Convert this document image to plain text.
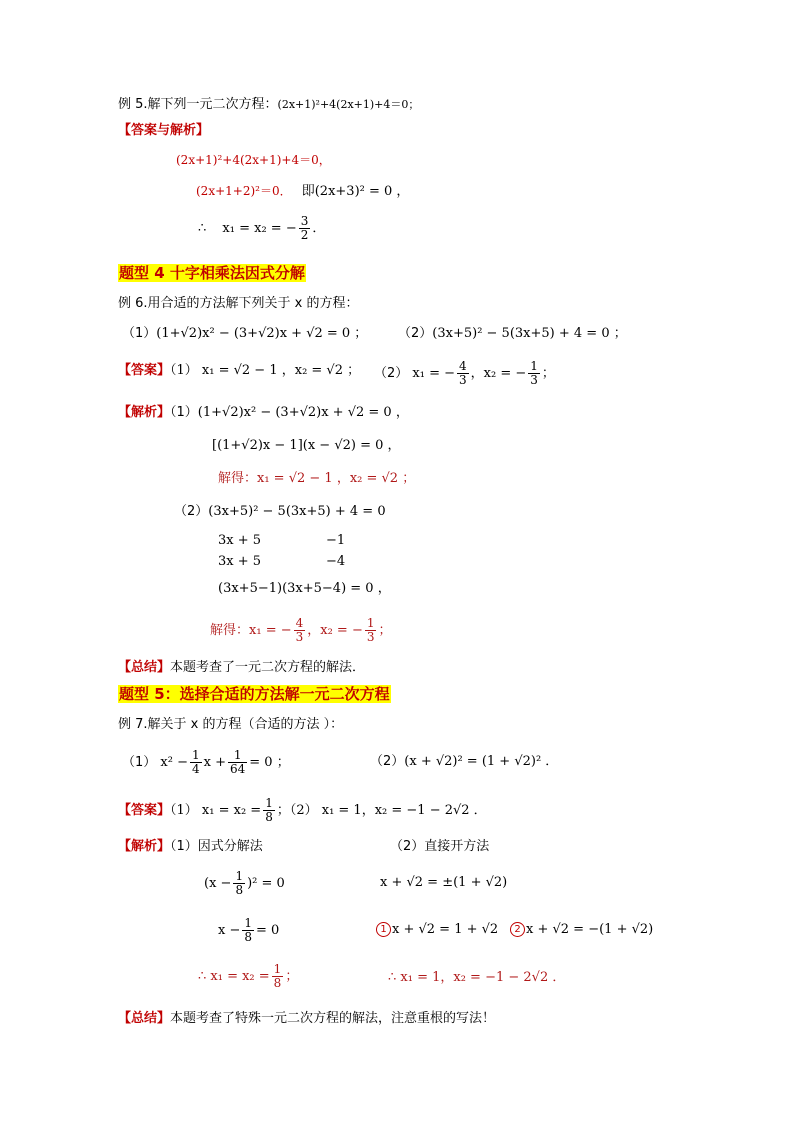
例 5.解下列一元二次方程：(2x+1)²+4(2x+1)+4＝0；
【答案与解析】
(2x+1)²+4(2x+1)+4＝0，
(2x+1+2)²＝0． 即(2x+3)² = 0 ，
∴ x₁ = x₂ = − $\frac{3}{2}$ ．
题型 4 十字相乘法因式分解
例 6.用合适的方法解下列关于 x 的方程：
（1）(1+√2)x² − (3+√2)x + √2 = 0 ； （2）(3x+5)² − 5(3x+5) + 4 = 0 ；
【答案】（1） x₁ = √2 − 1 ，x₂ = √2 ； （2） x₁ = − $\frac{4}{3}$ ，x₂ = − $\frac{1}{3}$ ；
【解析】（1）(1+√2)x² − (3+√2)x + √2 = 0 ，
[(1+√2)x − 1](x − √2) = 0 ，
解得：x₁ = √2 − 1 ，x₂ = √2 ；
（2）(3x+5)² − 5(3x+5) + 4 = 0
3x + 5	−1
3x + 5	−4
(3x+5−1)(3x+5−4) = 0 ，
解得：x₁ = − $\frac{4}{3}$ ，x₂ = − $\frac{1}{3}$ ；
【总结】本题考查了一元二次方程的解法．
题型 5：选择合适的方法解一元二次方程
例 7.解关于 x 的方程（合适的方法 ）：
（1） $x^2 - \frac{1}{4}$ $x + \frac{1}{64} = 0$ ；	（2）(x + √2)² = (1 + √2)² ．
【答案】（1） $x_1 = x_2 = \frac{1}{8}$ ；（2） x₁ = 1，x₂ = −1 − 2√2 ．
【解析】（1）因式分解法	（2）直接开方法
$(x - \frac{1}{8} )^2 = 0$	x + √2 = ±(1 + √2)
$x - \frac{1}{8} = 0$	1 x + √2 = 1 + √2	2 x + √2 = −(1 + √2)
∴ $x_1 = x_2 = \frac{1}{8}$ ；	∴ x₁ = 1，x₂ = −1 − 2√2 ．
【总结】本题考查了特殊一元二次方程的解法，注意重根的写法！
